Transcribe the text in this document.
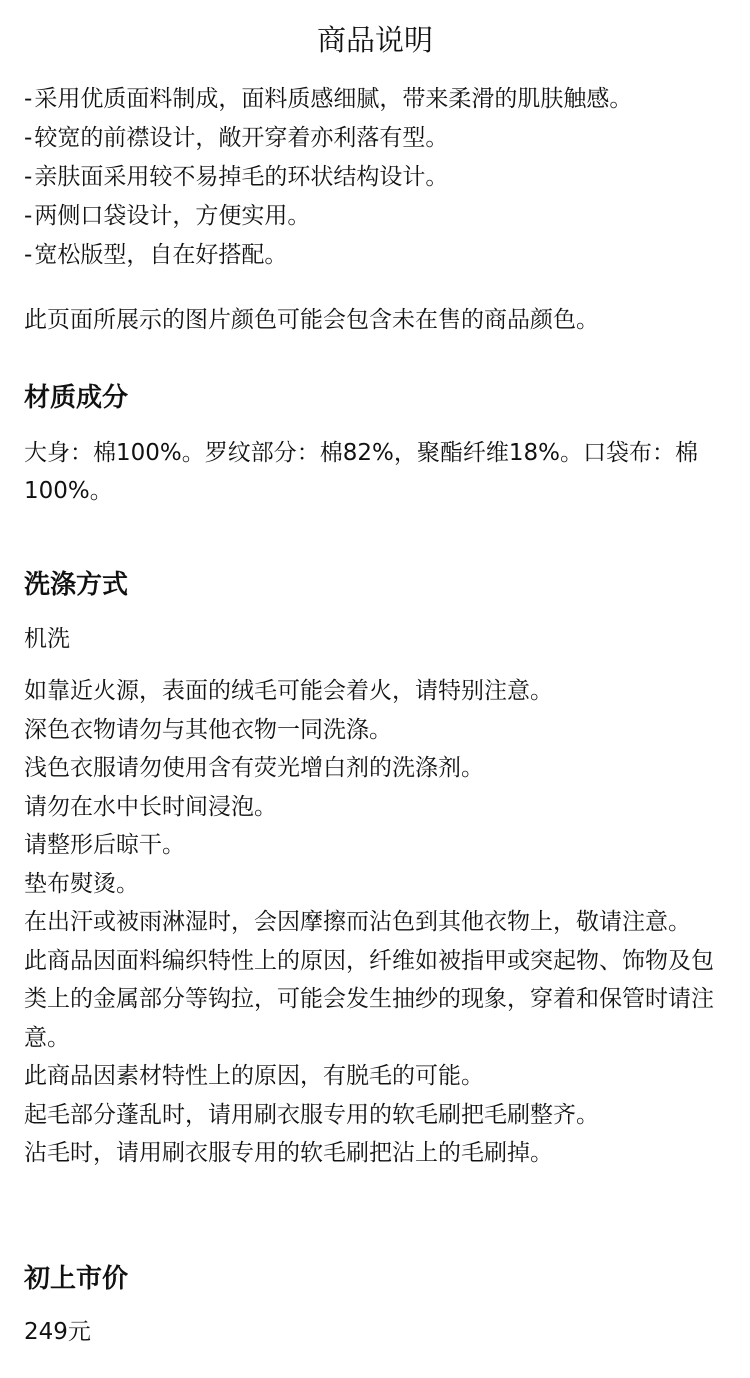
商品说明
-采用优质面料制成，面料质感细腻，带来柔滑的肌肤触感。
-较宽的前襟设计，敞开穿着亦利落有型。
-亲肤面采用较不易掉毛的环状结构设计。
-两侧口袋设计，方便实用。
-宽松版型，自在好搭配。
此页面所展示的图片颜色可能会包含未在售的商品颜色。
材质成分
大身：棉100%。罗纹部分：棉82%，聚酯纤维18%。口袋布：棉100%。
洗涤方式
机洗
如靠近火源，表面的绒毛可能会着火，请特别注意。
深色衣物请勿与其他衣物一同洗涤。
浅色衣服请勿使用含有荧光增白剂的洗涤剂。
请勿在水中长时间浸泡。
请整形后晾干。
垫布熨烫。
在出汗或被雨淋湿时，会因摩擦而沾色到其他衣物上，敬请注意。
此商品因面料编织特性上的原因，纤维如被指甲或突起物、饰物及包类上的金属部分等钩拉，可能会发生抽纱的现象，穿着和保管时请注意。
此商品因素材特性上的原因，有脱毛的可能。
起毛部分蓬乱时，请用刷衣服专用的软毛刷把毛刷整齐。
沾毛时，请用刷衣服专用的软毛刷把沾上的毛刷掉。
初上市价
249元
